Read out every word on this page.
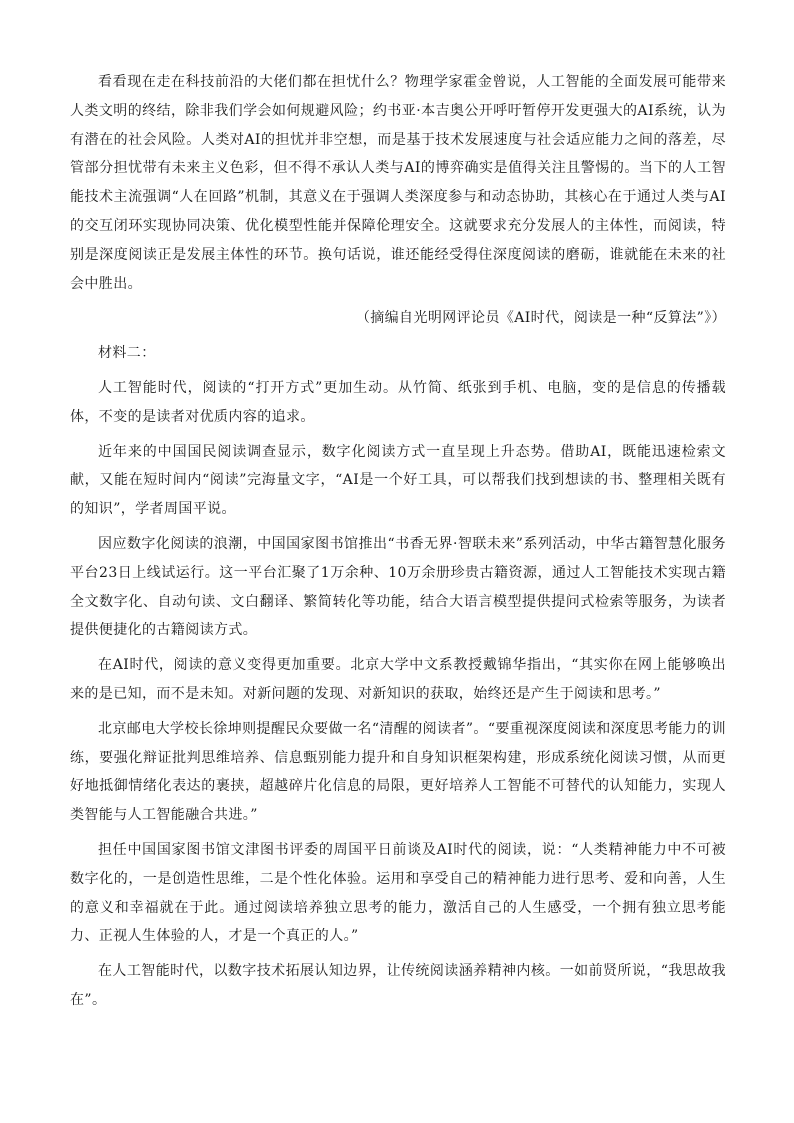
看看现在走在科技前沿的大佬们都在担忧什么？物理学家霍金曾说，人工智能的全面发展可能带来人类文明的终结，除非我们学会如何规避风险；约书亚·本吉奥公开呼吁暂停开发更强大的AI系统，认为有潜在的社会风险。人类对AI的担忧并非空想，而是基于技术发展速度与社会适应能力之间的落差，尽管部分担忧带有未来主义色彩，但不得不承认人类与AI的博弈确实是值得关注且警惕的。当下的人工智能技术主流强调“人在回路”机制，其意义在于强调人类深度参与和动态协助，其核心在于通过人类与AI的交互闭环实现协同决策、优化模型性能并保障伦理安全。这就要求充分发展人的主体性，而阅读，特别是深度阅读正是发展主体性的环节。换句话说，谁还能经受得住深度阅读的磨砺，谁就能在未来的社会中胜出。

（摘编自光明网评论员《AI时代，阅读是一种“反算法”》）

材料二：

人工智能时代，阅读的“打开方式”更加生动。从竹简、纸张到手机、电脑，变的是信息的传播载体，不变的是读者对优质内容的追求。

近年来的中国国民阅读调查显示，数字化阅读方式一直呈现上升态势。借助AI，既能迅速检索文献，又能在短时间内“阅读”完海量文字，“AI是一个好工具，可以帮我们找到想读的书、整理相关既有的知识”，学者周国平说。

因应数字化阅读的浪潮，中国国家图书馆推出“书香无界·智联未来”系列活动，中华古籍智慧化服务平台23日上线试运行。这一平台汇聚了1万余种、10万余册珍贵古籍资源，通过人工智能技术实现古籍全文数字化、自动句读、文白翻译、繁简转化等功能，结合大语言模型提供提问式检索等服务，为读者提供便捷化的古籍阅读方式。

在AI时代，阅读的意义变得更加重要。北京大学中文系教授戴锦华指出，“其实你在网上能够唤出来的是已知，而不是未知。对新问题的发现、对新知识的获取，始终还是产生于阅读和思考。”

北京邮电大学校长徐坤则提醒民众要做一名“清醒的阅读者”。“要重视深度阅读和深度思考能力的训练，要强化辩证批判思维培养、信息甄别能力提升和自身知识框架构建，形成系统化阅读习惯，从而更好地抵御情绪化表达的裹挟，超越碎片化信息的局限，更好培养人工智能不可替代的认知能力，实现人类智能与人工智能融合共进。”

担任中国国家图书馆文津图书评委的周国平日前谈及AI时代的阅读，说：“人类精神能力中不可被数字化的，一是创造性思维，二是个性化体验。运用和享受自己的精神能力进行思考、爱和向善，人生的意义和幸福就在于此。通过阅读培养独立思考的能力，激活自己的人生感受，一个拥有独立思考能力、正视人生体验的人，才是一个真正的人。”

在人工智能时代，以数字技术拓展认知边界，让传统阅读涵养精神内核。一如前贤所说，“我思故我在”。
